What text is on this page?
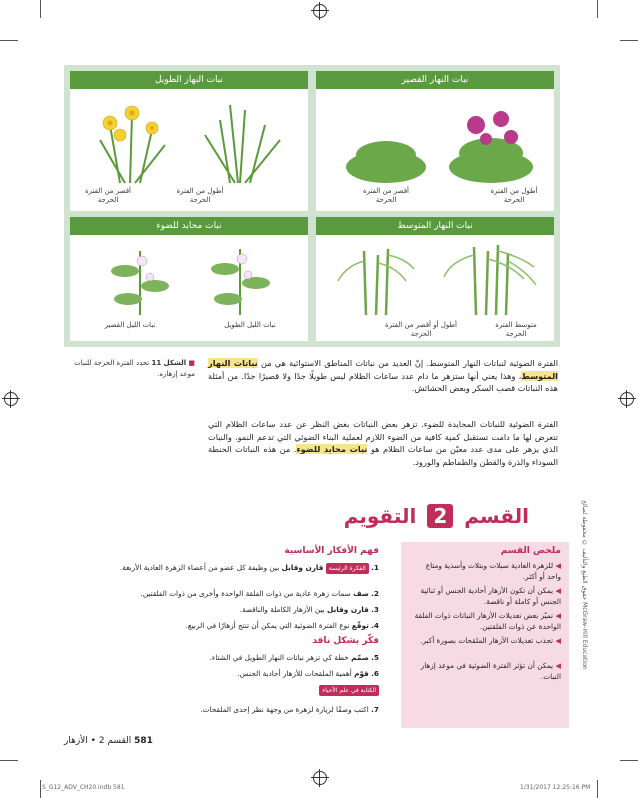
نبات النهار الطويل
أطول من الفترة الحرجة
أقصر من الفترة الحرجة
نبات النهار القصير
أطول من الفترة الحرجة
أقصر من الفترة الحرجة
نبات محايد للضوء
نبات الليل الطويل
نبات الليل القصير
نبات النهار المتوسط
متوسط الفترة الحرجة
أطول أو أقصر من الفترة الحرجة
■ الشكل 11 تحدد الفترة الحرجة للنبات موعد إزهاره.
الفترة الضوئية لنباتات النهار المتوسط. إنّ العديد من نباتات المناطق الاستوائية هي من نباتات النهار المتوسط، وهذا يعني أنها ستزهر ما دام عدد ساعات الظلام ليس طويلًا جدًا ولا قصيرًا جدًا. من أمثلة هذه النباتات قصب السكر وبعض الحشائش.
الفترة الضوئية للنباتات المحايدة للضوء. تزهر بعض النباتات بغض النظر عن عدد ساعات الظلام التي تتعرض لها ما دامت تستقبل كمية كافية من الضوء اللازم لعملية البناء الضوئي التي تدعم النمو. والنبات الذي يزهر على مدى عدد معيّن من ساعات الظلام هو نبات محايد للضوء. من هذه النباتات الحنطة السوداء والذرة والقطن والطماطم والورود.
القسم 2 التقويم
ملخص القسم
◀ للزهرة العادية سبلات وبتلات وأسدية ومتاع واحد أو أكثر.
◀ يمكن أن تكون الأزهار أحادية الجنس أو ثنائية الجنس أو كاملة أو ناقصة.
◀ تميّز بعض تعديلات الأزهار النباتات ذوات الفلقة الواحدة عن ذوات الفلقتين.
◀ تجذب تعديلات الأزهار الملقحات بصورة أكبر.
◀ يمكن أن تؤثر الفترة الضوئية في موعد إزهار النبات.
فهم الأفكار الأساسية
1. الفكرة الرئيسة قارن وقابل بين وظيفة كل عضو من أعضاء الزهرة العادية الأربعة.
2. صف سمات زهرة عادية من ذوات الفلقة الواحدة وأخرى من ذوات الفلقتين.
3. قارن وقابل بين الأزهار الكاملة والناقصة.
4. توقّع نوع الفترة الضوئية التي يمكن أن تنتج أزهارًا في الربيع.
فكّر بشكل ناقد
5. صمّم خطة كي تزهر نباتات النهار الطويل في الشتاء.
6. قوّم أهمية الملقحات للأزهار أحادية الجنس.
الكتابة في علم الأحياء
7. اكتب وصفًا لزيارة لزهرة من وجهة نظر إحدى الملقحات.
حقوق الطبع والتأليف © محفوظة لصالح McGraw-Hill Education
581 القسم 2 • الأزهار
S_G12_ADV_CH20.indb 581	1/31/2017 12:25:16 PM
